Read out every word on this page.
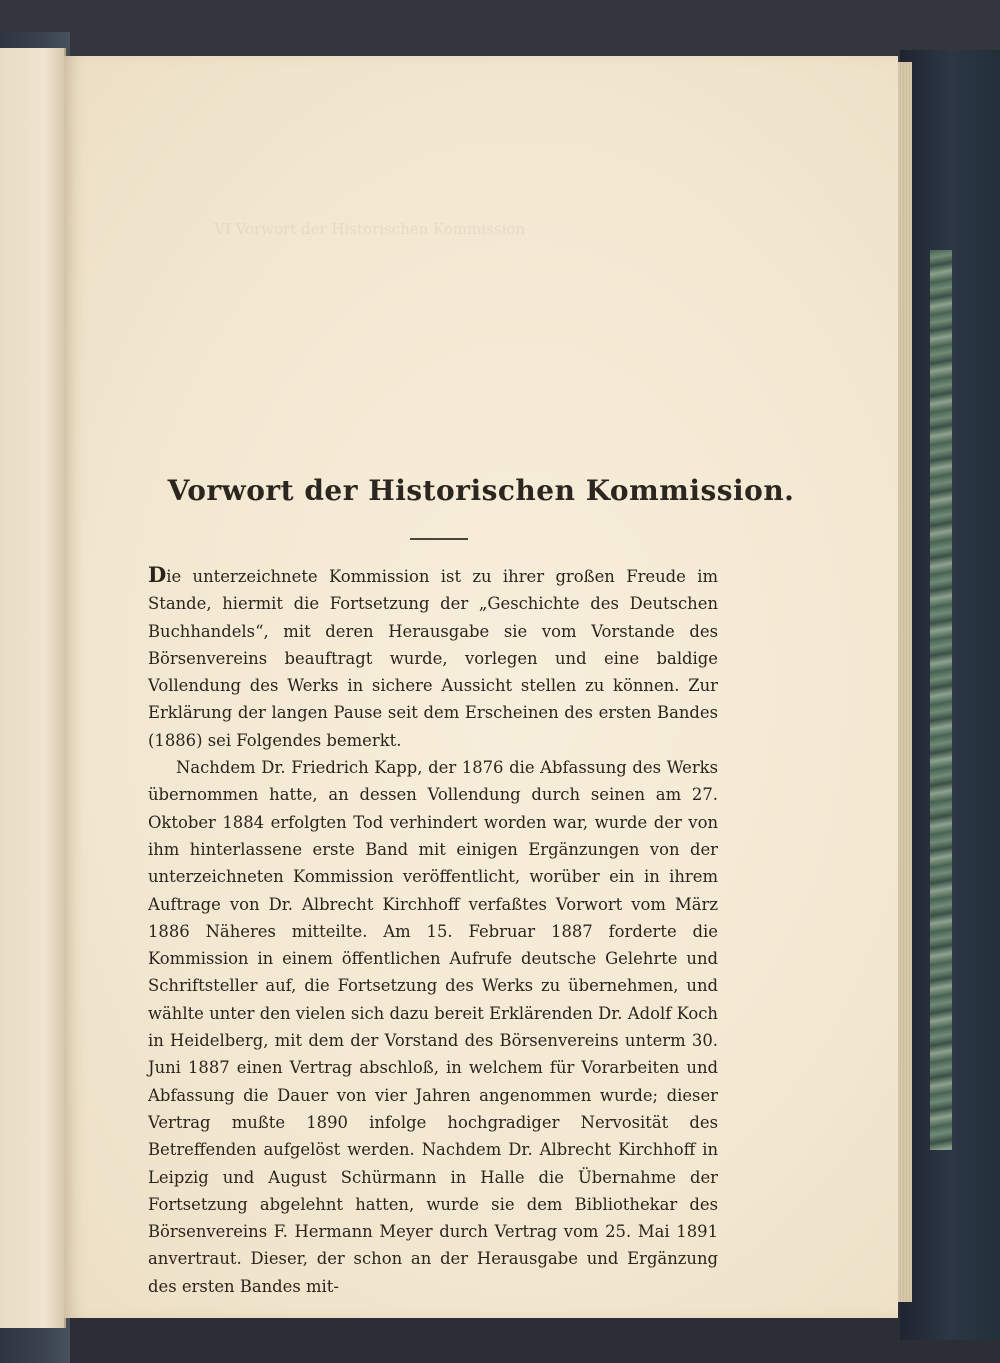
VI Vorwort der Historischen Kommission
Vorwort der Historischen Kommission.

Die unterzeichnete Kommission ist zu ihrer großen Freude im Stande, hiermit die Fortsetzung der „Geschichte des Deutschen Buchhandels“, mit deren Herausgabe sie vom Vorstande des Börsenvereins beauftragt wurde, vorlegen und eine baldige Vollendung des Werks in sichere Aussicht stellen zu können. Zur Erklärung der langen Pause seit dem Erscheinen des ersten Bandes (1886) sei Folgendes bemerkt.

Nachdem Dr. Friedrich Kapp, der 1876 die Abfassung des Werks übernommen hatte, an dessen Vollendung durch seinen am 27. Oktober 1884 erfolgten Tod verhindert worden war, wurde der von ihm hinterlassene erste Band mit einigen Ergänzungen von der unterzeichneten Kommission veröffentlicht, worüber ein in ihrem Auftrage von Dr. Albrecht Kirchhoff verfaßtes Vorwort vom März 1886 Näheres mitteilte. Am 15. Februar 1887 forderte die Kommission in einem öffentlichen Aufrufe deutsche Gelehrte und Schriftsteller auf, die Fortsetzung des Werks zu übernehmen, und wählte unter den vielen sich dazu bereit Erklärenden Dr. Adolf Koch in Heidelberg, mit dem der Vorstand des Börsenvereins unterm 30. Juni 1887 einen Vertrag abschloß, in welchem für Vorarbeiten und Abfassung die Dauer von vier Jahren angenommen wurde; dieser Vertrag mußte 1890 infolge hochgradiger Nervosität des Betreffenden aufgelöst werden. Nachdem Dr. Albrecht Kirchhoff in Leipzig und August Schürmann in Halle die Übernahme der Fortsetzung abgelehnt hatten, wurde sie dem Bibliothekar des Börsenvereins F. Hermann Meyer durch Vertrag vom 25. Mai 1891 anvertraut. Dieser, der schon an der Herausgabe und Ergänzung des ersten Bandes mit-
